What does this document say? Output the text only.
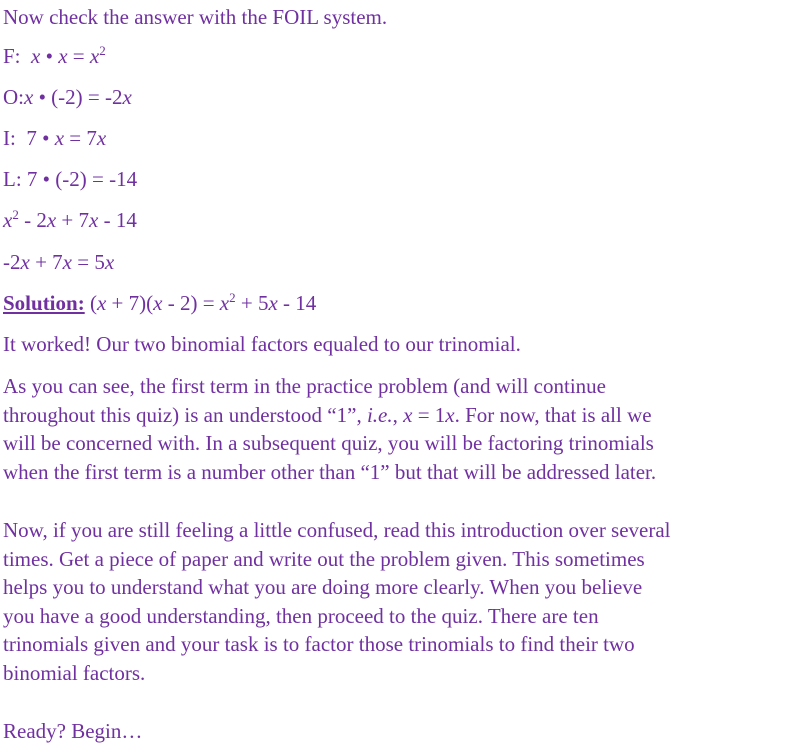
Now check the answer with the FOIL system.
F: x • $x = x^2$
O:x • (-2) = -2x
I: 7 • x = 7x
L: 7 • (-2) = -14
$x^2 - 2x + 7x - 14$
-2x + 7x = 5x
Solution: $(x + 7)(x - 2) = x^2 + 5x - 14$
It worked! Our two binomial factors equaled to our trinomial.
As you can see, the first term in the practice problem (and will continue
throughout this quiz) is an understood “1”, i.e., x = 1x. For now, that is all we
will be concerned with. In a subsequent quiz, you will be factoring trinomials
when the first term is a number other than “1” but that will be addressed later.
Now, if you are still feeling a little confused, read this introduction over several
times. Get a piece of paper and write out the problem given. This sometimes
helps you to understand what you are doing more clearly. When you believe
you have a good understanding, then proceed to the quiz. There are ten
trinomials given and your task is to factor those trinomials to find their two
binomial factors.
Ready? Begin…
